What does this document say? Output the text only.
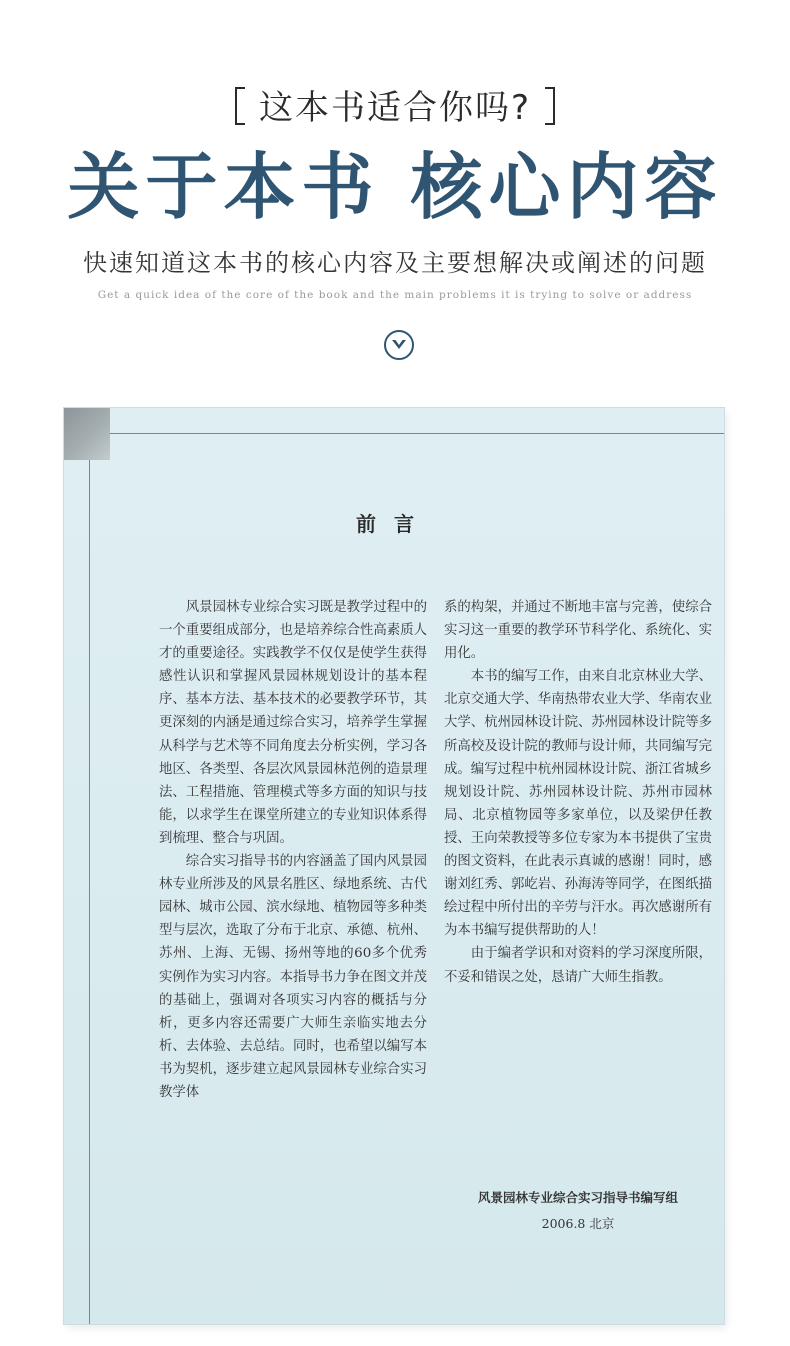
这本书适合你吗?
关于本书 核心内容
快速知道这本书的核心内容及主要想解决或阐述的问题
Get a quick idea of the core of the book and the main problems it is trying to solve or address
前言

风景园林专业综合实习既是教学过程中的一个重要组成部分，也是培养综合性高素质人才的重要途径。实践教学不仅仅是使学生获得感性认识和掌握风景园林规划设计的基本程序、基本方法、基本技术的必要教学环节，其更深刻的内涵是通过综合实习，培养学生掌握从科学与艺术等不同角度去分析实例，学习各地区、各类型、各层次风景园林范例的造景理法、工程措施、管理模式等多方面的知识与技能，以求学生在课堂所建立的专业知识体系得到梳理、整合与巩固。

综合实习指导书的内容涵盖了国内风景园林专业所涉及的风景名胜区、绿地系统、古代园林、城市公园、滨水绿地、植物园等多种类型与层次，选取了分布于北京、承德、杭州、苏州、上海、无锡、扬州等地的60多个优秀实例作为实习内容。本指导书力争在图文并茂的基础上，强调对各项实习内容的概括与分析，更多内容还需要广大师生亲临实地去分析、去体验、去总结。同时，也希望以编写本书为契机，逐步建立起风景园林专业综合实习教学体

系的构架，并通过不断地丰富与完善，使综合实习这一重要的教学环节科学化、系统化、实用化。

本书的编写工作，由来自北京林业大学、北京交通大学、华南热带农业大学、华南农业大学、杭州园林设计院、苏州园林设计院等多所高校及设计院的教师与设计师，共同编写完成。编写过程中杭州园林设计院、浙江省城乡规划设计院、苏州园林设计院、苏州市园林局、北京植物园等多家单位，以及梁伊任教授、王向荣教授等多位专家为本书提供了宝贵的图文资料，在此表示真诚的感谢！同时，感谢刘红秀、郭屹岩、孙海涛等同学，在图纸描绘过程中所付出的辛劳与汗水。再次感谢所有为本书编写提供帮助的人！

由于编者学识和对资料的学习深度所限，不妥和错误之处，恳请广大师生指教。

风景园林专业综合实习指导书编写组
2006.8 北京
